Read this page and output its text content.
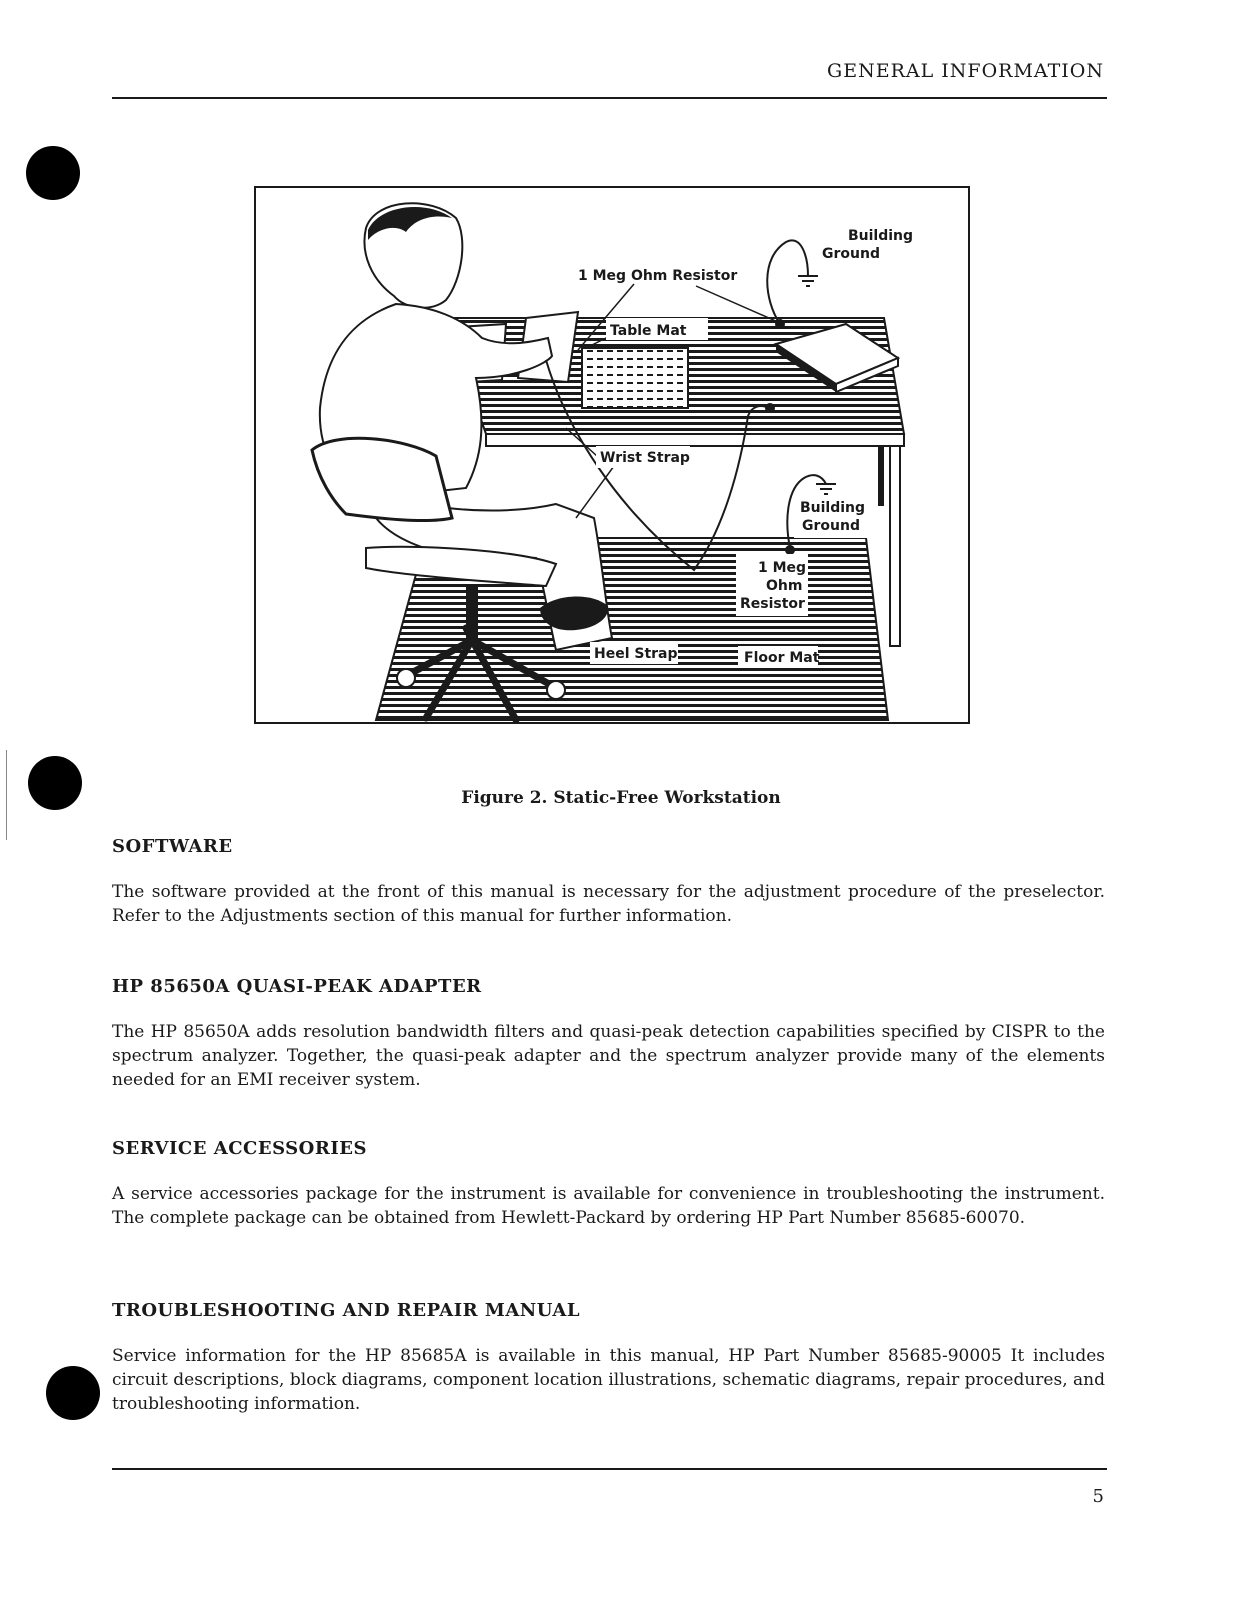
GENERAL INFORMATION
1 Meg Ohm Resistor
Building
Ground
Table Mat
Wrist Strap
Building
Ground
1 Meg
Ohm
Resistor
Heel Strap	Floor Mat
Figure 2. Static-Free Workstation
SOFTWARE
The software provided at the front of this manual is necessary for the adjustment procedure of the preselector. Refer to the Adjustments section of this manual for further information.
HP 85650A QUASI-PEAK ADAPTER
The HP 85650A adds resolution bandwidth filters and quasi-peak detection capabilities specified by CISPR to the spectrum analyzer. Together, the quasi-peak adapter and the spectrum analyzer provide many of the elements needed for an EMI receiver system.
SERVICE ACCESSORIES
A service accessories package for the instrument is available for convenience in troubleshooting the instrument. The complete package can be obtained from Hewlett-Packard by ordering HP Part Number 85685-60070.
TROUBLESHOOTING AND REPAIR MANUAL
Service information for the HP 85685A is available in this manual, HP Part Number 85685-90005 It includes circuit descriptions, block diagrams, component location illustrations, schematic diagrams, repair procedures, and troubleshooting information.
5
